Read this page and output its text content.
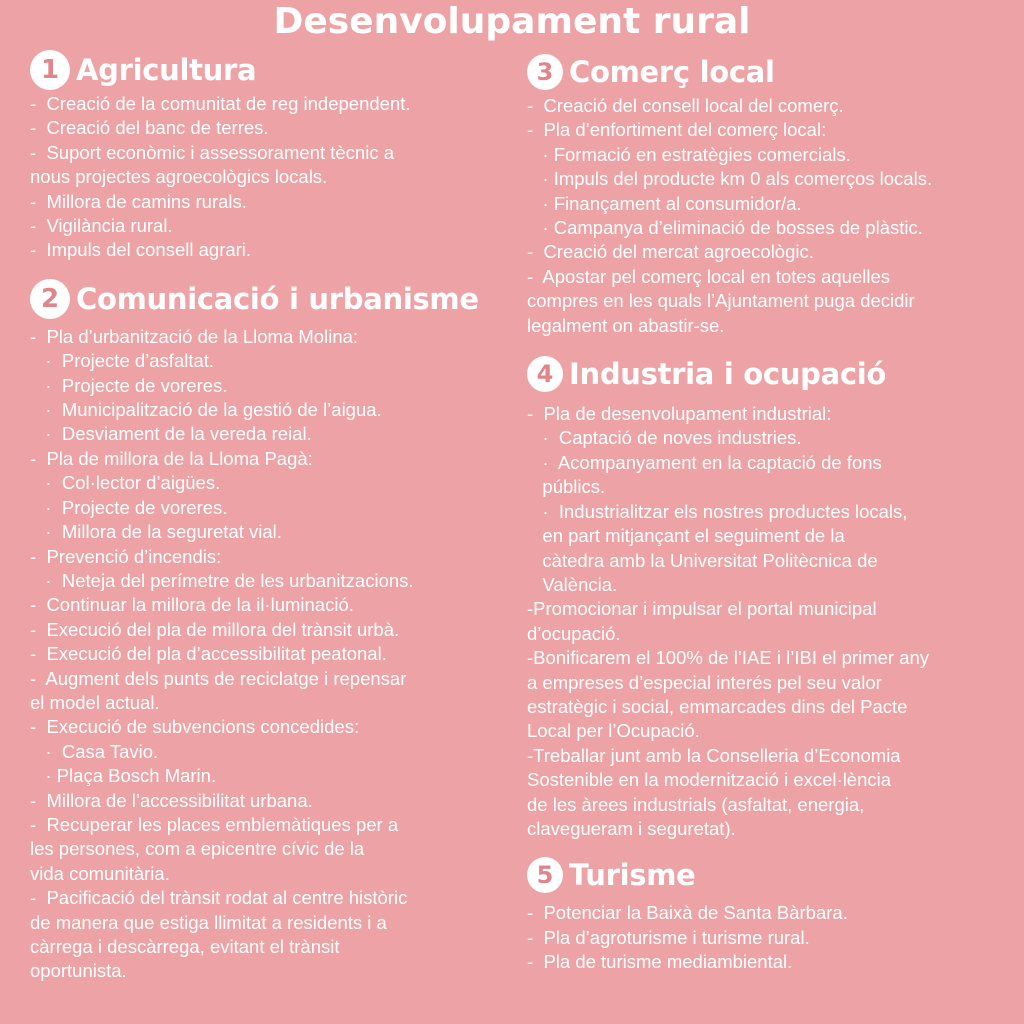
Desenvolupament rural
1 Agricultura
-  Creació de la comunitat de reg independent.
-  Creació del banc de terres.
-  Suport econòmic i assessorament tècnic a
nous projectes agroecològics locals.
-  Millora de camins rurals.
-  Vigilància rural.
-  Impuls del consell agrari.
2 Comunicació i urbanisme
-  Pla d’urbanització de la Lloma Molina:
·  Projecte d’asfaltat.
·  Projecte de voreres.
·  Municipalització de la gestió de l’aigua.
·  Desviament de la vereda reial.
-  Pla de millora de la Lloma Pagà:
·  Col·lector d’aigües.
·  Projecte de voreres.
·  Millora de la seguretat vial.
-  Prevenció d’incendis:
·  Neteja del perímetre de les urbanitzacions.
-  Continuar la millora de la il·luminació.
-  Execució del pla de millora del trànsit urbà.
-  Execució del pla d’accessibilitat peatonal.
-  Augment dels punts de reciclatge i repensar
el model actual.
-  Execució de subvencions concedides:
·  Casa Tavio.
· Plaça Bosch Marin.
-  Millora de l’accessibilitat urbana.
-  Recuperar les places emblemàtiques per a
les persones, com a epicentre cívic de la
vida comunitària.
-  Pacificació del trànsit rodat al centre històric
de manera que estiga llimitat a residents i a
càrrega i descàrrega, evitant el trànsit
oportunista.
3 Comerç local
-  Creació del consell local del comerç.
-  Pla d’enfortiment del comerç local:
· Formació en estratègies comercials.
· Impuls del producte km 0 als comerços locals.
· Finançament al consumidor/a.
· Campanya d’eliminació de bosses de plàstic.
-  Creació del mercat agroecològic.
-  Apostar pel comerç local en totes aquelles
compres en les quals l’Ajuntament puga decidir
legalment on abastir-se.
4 Industria i ocupació
-  Pla de desenvolupament industrial:
·  Captació de noves industries.
·  Acompanyament en la captació de fons
públics.
·  Industrialitzar els nostres productes locals,
en part mitjançant el seguiment de la
càtedra amb la Universitat Politècnica de
València.
-Promocionar i impulsar el portal municipal
d’ocupació.
-Bonificarem el 100% de l’IAE i l’IBI el primer any
a empreses d’especial interés pel seu valor
estratègic i social, emmarcades dins del Pacte
Local per l’Ocupació.
-Treballar junt amb la Conselleria d’Economia
Sostenible en la modernització i excel·lència
de les àrees industrials (asfaltat, energia,
clavegueram i seguretat).
5 Turisme
-  Potenciar la Baixà de Santa Bàrbara.
-  Pla d’agroturisme i turisme rural.
-  Pla de turisme mediambiental.
